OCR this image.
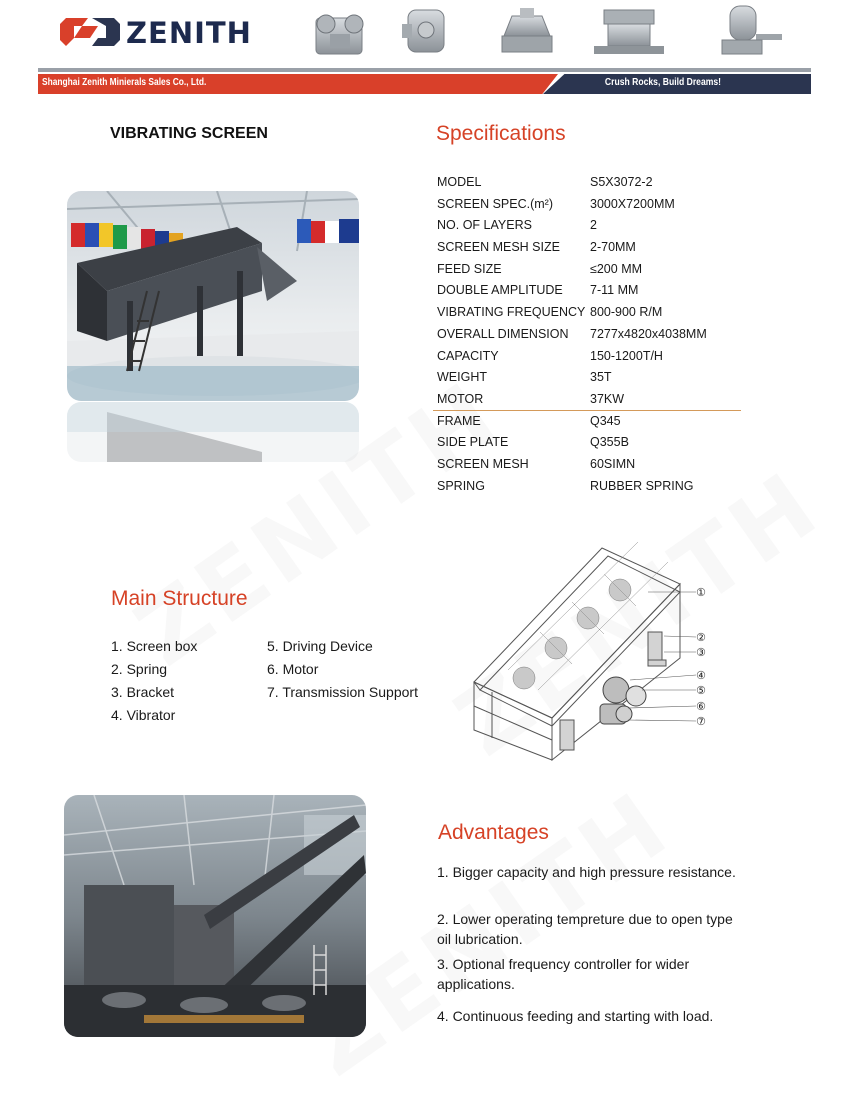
ZENITH
Shanghai Zenith Minierals Sales Co., Ltd.	Crush Rocks, Build Dreams!
VIBRATING SCREEN	Specifications
MODEL	S5X3072-2
SCREEN SPEC.(m²)	3000X7200MM
NO. OF LAYERS	2
SCREEN MESH SIZE 2-70MM
FEED SIZE	≤200 MM
DOUBLE AMPLITUDE 7-11 MM
VIBRATING FREQUENCY 800-900 R/M
OVERALL DIMENSION 7277x4820x4038MM
CAPACITY	150-1200T/H
WEIGHT	35T
MOTOR	37KW
FRAME	Q345
SIDE PLATE	Q355B
SCREEN MESH	60SIMN
SPRING	RUBBER SPRING
Main Structure
1. Screen box
2. Spring
3. Bracket
4. Vibrator
5. Driving Device
6. Motor
7. Transmission Support
①
②
③
④
⑤
⑥
⑦
Advantages
1. Bigger capacity and high pressure resistance.
2. Lower operating tempreture due to open type oil lubrication.
3. Optional frequency controller for wider applications.
4. Continuous feeding and starting with load.
